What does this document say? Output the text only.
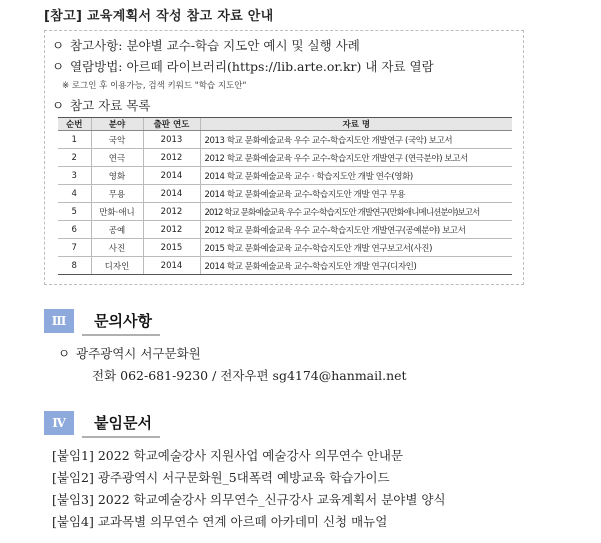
[참고] 교육계획서 작성 참고 자료 안내
ㅇ 참고사항: 분야별 교수-학습 지도안 예시 및 실행 사례
ㅇ 열람방법: 아르떼 라이브러리(https://lib.arte.or.kr) 내 자료 열람
※ 로그인 후 이용가능, 검색 키워드 "학습 지도안"
ㅇ 참고 자료 목록
순번	분야	출판 연도	자료 명
1	국악	2013	2013 학교 문화예술교육 우수 교수-학습지도안 개발연구 (국악) 보고서
2	연극	2012	2012 학교 문화예술교육 우수 교수-학습지도안 개발연구 (연극분야) 보고서
3	영화	2014	2014 학교 문화예술교육 교수 · 학습지도안 개발 연수(영화)
4	무용	2014	2014 학교 문화예술교육 교수-학습지도안 개발 연구 무용
5	만화·애니	2012	2012 학교 문화예술교육 우수 교수·학습지도안 개발연구(만화애니메니션분야)보고서
6	공예	2012	2012 학교 문화예술교육 우수 교수-학습지도안 개발연구(공예분야) 보고서
7	사진	2015	2015 학교 문화예술교육 교수-학습지도안 개발 연구보고서(사진)
8	디자인	2014	2014 학교 문화예술교육 교수-학습지도안 개발 연구(디자인)
Ⅲ	문의사항
ㅇ 광주광역시 서구문화원
전화 062-681-9230 / 전자우편 sg4174@hanmail.net
Ⅳ	붙임문서
[붙임1] 2022 학교예술강사 지원사업 예술강사 의무연수 안내문
[붙임2] 광주광역시 서구문화원_5대폭력 예방교육 학습가이드
[붙임3] 2022 학교예술강사 의무연수_신규강사 교육계획서 분야별 양식
[붙임4] 교과목별 의무연수 연계 아르떼 아카데미 신청 매뉴얼
